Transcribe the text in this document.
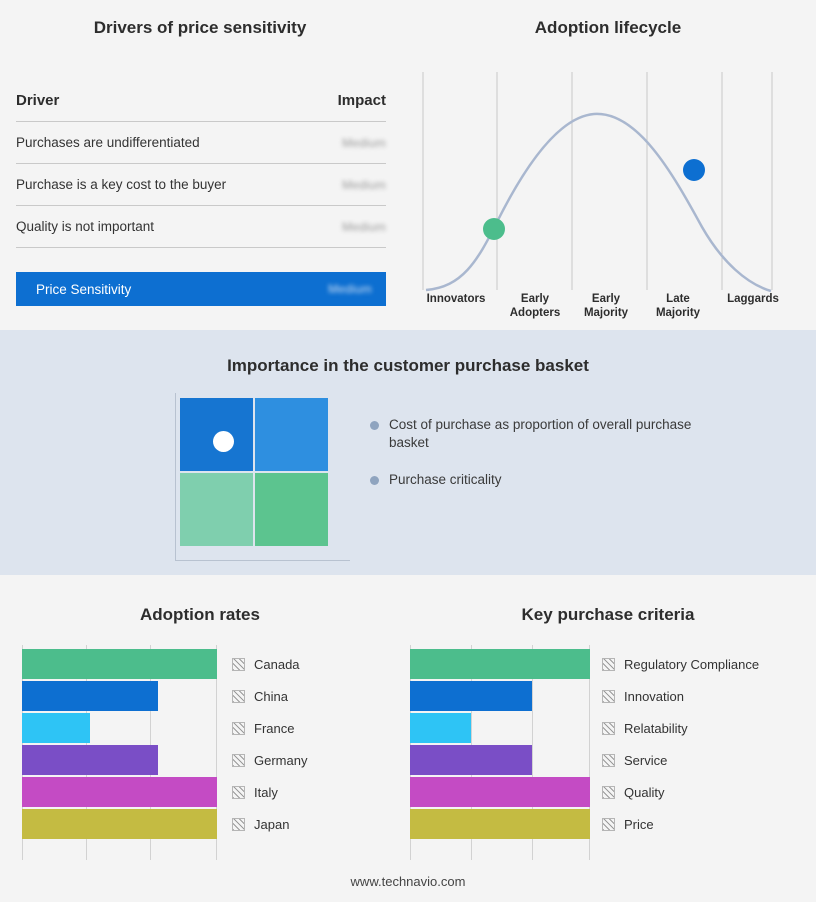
Drivers of price sensitivity
Driver	Impact
Purchases are undifferentiated	Medium
Purchase is a key cost to the buyer	Medium
Quality is not important	Medium
Price Sensitivity	Medium
Adoption lifecycle
Innovators	Early
Adopters
Early
Majority
Late
Majority
Laggards
Importance in the customer purchase basket
Cost of purchase as proportion of overall purchase basket
Purchase criticality
Adoption rates
Canada
China
France
Germany
Italy
Japan
Key purchase criteria
Regulatory Compliance
Innovation
Relatability
Service
Quality
Price
www.technavio.com
